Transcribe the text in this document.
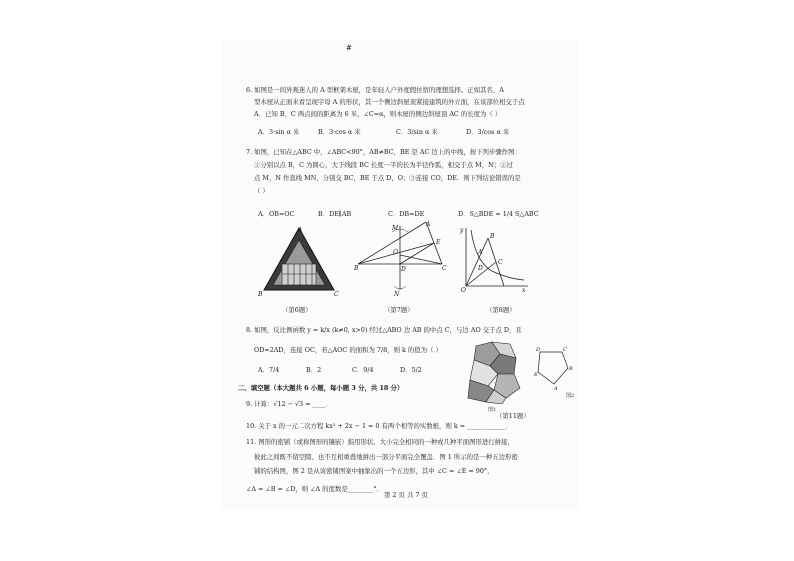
#
6. 如图是一间外观迷人的 A 型框架木屋，是年轻人户外度假住宿的理想选择。正如其名，A
型木屋从正面来看呈现字母 A 的形状，其一个侧边斜屋顶紧接建筑的外立面，在该部位相交于点
A．已知 B、C 两点间的距离为 6 米，∠C=α，则木屋的侧边斜屋顶 AC 的长度为（ ）
A．3·sin α 米	B．3·cos α 米	C．3/sin α 米	D．3/cos α 米
7. 如图，已知在△ABC 中，∠ABC<90°，AB≠BC，BE 是 AC 边上的中线，按下列步骤作图：
①分别以点 B，C 为圆心，大于线段 BC 长度一半的长为半径作弧，相交于点 M，N；②过
点 M，N 作直线 MN，分别交 BC，BE 于点 D，O；③连接 CO，DE．则下列结论错误的是
（ ）
A．OB=OC	B．DE∥AB	C．DB=DE	D．S△BDE = 1/4 S△ABC
A
B	C
（第6题）
M
A
E
O
B	D	C
N
（第7题）
y
B
A
D
C
O	x
（第8题）
8. 如图，反比例函数 y = k/x (k≠0, x>0) 经过△ABO 边 AB 的中点 C，与边 AO 交于点 D，且
OD=2AD，连接 OC，若△AOC 的面积为 7/8，则 k 的值为（ ）
A．7/4	B．2	C．9/4	D．5/2
图1
D	C
B
A
E
图2
（第11题）
二、填空题（本大题共 6 小题，每小题 3 分，共 18 分）
9. 计算：√12 − √3 = ____．
10. 关于 x 的一元二次方程 kx² + 2x − 1 = 0 有两个相等的实数根，则 k = ____________．
11. 图形的密铺（或称图形的镶嵌）指用形状、大小完全相同的一种或几种平面图形进行拼接，
彼此之间既不留空隙、也不互相重叠地拼出一部分平面完全覆盖．图 1 所示的是一种五边形密
铺的结构图，图 2 是从该密铺图案中抽象出的一个五边形，其中 ∠C = ∠E = 90°，
∠A = ∠B = ∠D，则 ∠A 的度数是________°．
第 2 页 共 7 页
